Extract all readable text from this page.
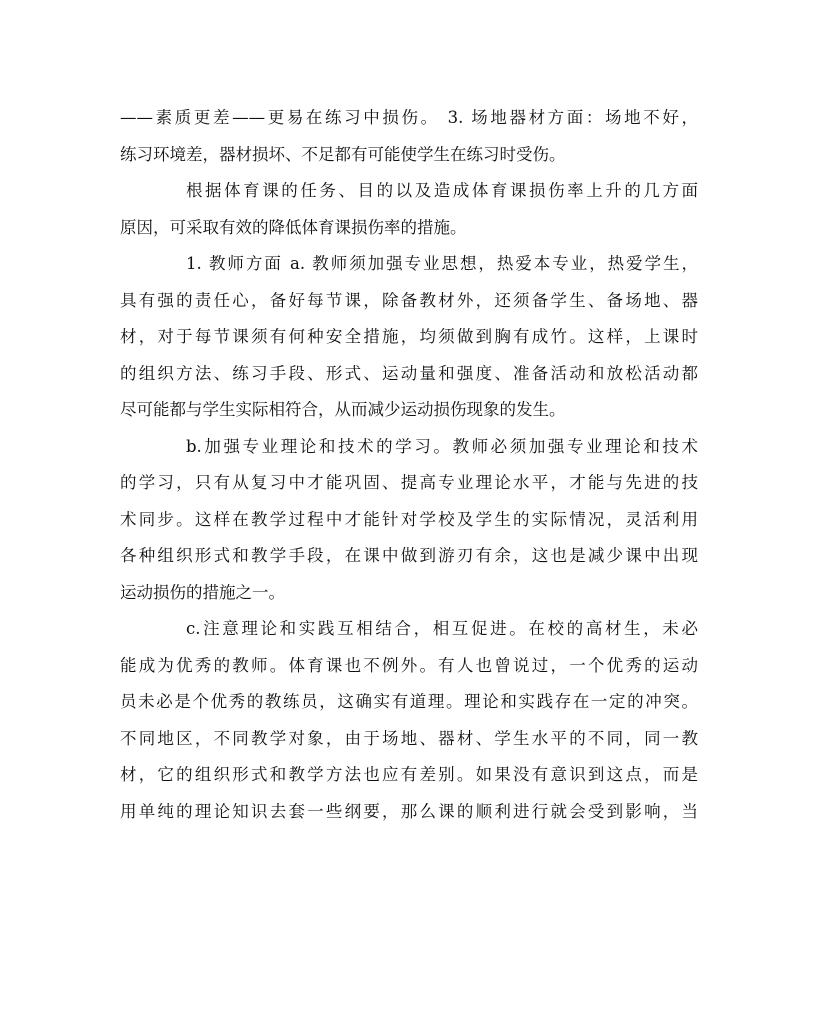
——素质更差——更易在练习中损伤。 3. 场地器材方面：场地不好，
练习环境差，器材损坏、不足都有可能使学生在练习时受伤。
根据体育课的任务、目的以及造成体育课损伤率上升的几方面
原因，可采取有效的降低体育课损伤率的措施。
1. 教师方面 a. 教师须加强专业思想，热爱本专业，热爱学生，
具有强的责任心，备好每节课，除备教材外，还须备学生、备场地、器
材，对于每节课须有何种安全措施，均须做到胸有成竹。这样，上课时
的组织方法、练习手段、形式、运动量和强度、准备活动和放松活动都
尽可能都与学生实际相符合，从而减少运动损伤现象的发生。
b.加强专业理论和技术的学习。教师必须加强专业理论和技术
的学习，只有从复习中才能巩固、提高专业理论水平，才能与先进的技
术同步。这样在教学过程中才能针对学校及学生的实际情况，灵活利用
各种组织形式和教学手段，在课中做到游刃有余，这也是减少课中出现
运动损伤的措施之一。
c.注意理论和实践互相结合，相互促进。在校的高材生，未必
能成为优秀的教师。体育课也不例外。有人也曾说过，一个优秀的运动
员未必是个优秀的教练员，这确实有道理。理论和实践存在一定的冲突。
不同地区，不同教学对象，由于场地、器材、学生水平的不同，同一教
材，它的组织形式和教学方法也应有差别。如果没有意识到这点，而是
用单纯的理论知识去套一些纲要，那么课的顺利进行就会受到影响，当
